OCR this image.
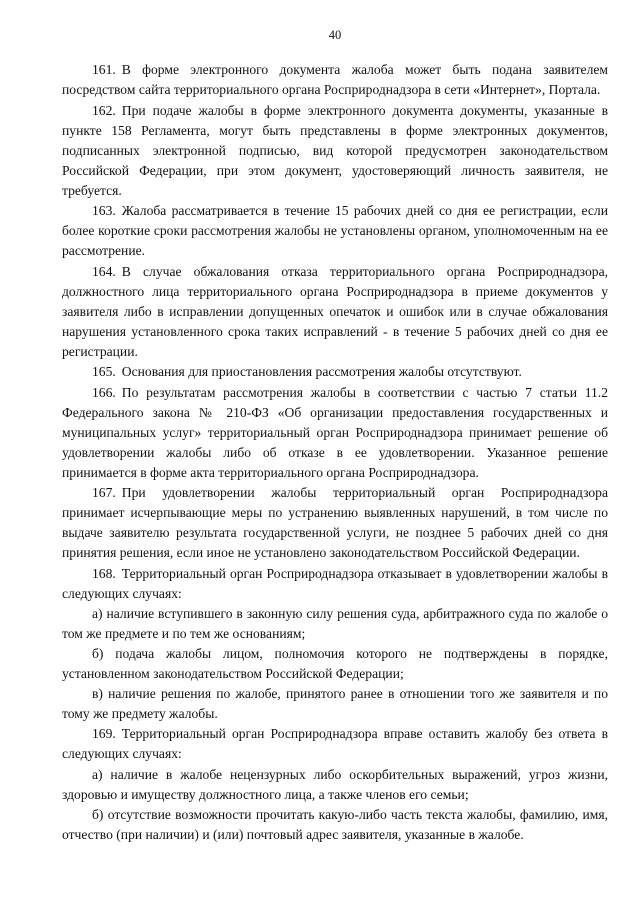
40

161. В форме электронного документа жалоба может быть подана заявителем посредством сайта территориального органа Росприроднадзора в сети «Интернет», Портала.

162. При подаче жалобы в форме электронного документа документы, указанные в пункте 158 Регламента, могут быть представлены в форме электронных документов, подписанных электронной подписью, вид которой предусмотрен законодательством Российской Федерации, при этом документ, удостоверяющий личность заявителя, не требуется.

163. Жалоба рассматривается в течение 15 рабочих дней со дня ее регистрации, если более короткие сроки рассмотрения жалобы не установлены органом, уполномоченным на ее рассмотрение.

164. В случае обжалования отказа территориального органа Росприроднадзора, должностного лица территориального органа Росприроднадзора в приеме документов у заявителя либо в исправлении допущенных опечаток и ошибок или в случае обжалования нарушения установленного срока таких исправлений - в течение 5 рабочих дней со дня ее регистрации.

165. Основания для приостановления рассмотрения жалобы отсутствуют.

166. По результатам рассмотрения жалобы в соответствии с частью 7 статьи 11.2 Федерального закона № 210-ФЗ «Об организации предоставления государственных и муниципальных услуг» территориальный орган Росприроднадзора принимает решение об удовлетворении жалобы либо об отказе в ее удовлетворении. Указанное решение принимается в форме акта территориального органа Росприроднадзора.

167. При удовлетворении жалобы территориальный орган Росприроднадзора принимает исчерпывающие меры по устранению выявленных нарушений, в том числе по выдаче заявителю результата государственной услуги, не позднее 5 рабочих дней со дня принятия решения, если иное не установлено законодательством Российской Федерации.

168. Территориальный орган Росприроднадзора отказывает в удовлетворении жалобы в следующих случаях:

а) наличие вступившего в законную силу решения суда, арбитражного суда по жалобе о том же предмете и по тем же основаниям;

б) подача жалобы лицом, полномочия которого не подтверждены в порядке, установленном законодательством Российской Федерации;

в) наличие решения по жалобе, принятого ранее в отношении того же заявителя и по тому же предмету жалобы.

169. Территориальный орган Росприроднадзора вправе оставить жалобу без ответа в следующих случаях:

а) наличие в жалобе нецензурных либо оскорбительных выражений, угроз жизни, здоровью и имуществу должностного лица, а также членов его семьи;

б) отсутствие возможности прочитать какую-либо часть текста жалобы, фамилию, имя, отчество (при наличии) и (или) почтовый адрес заявителя, указанные в жалобе.
